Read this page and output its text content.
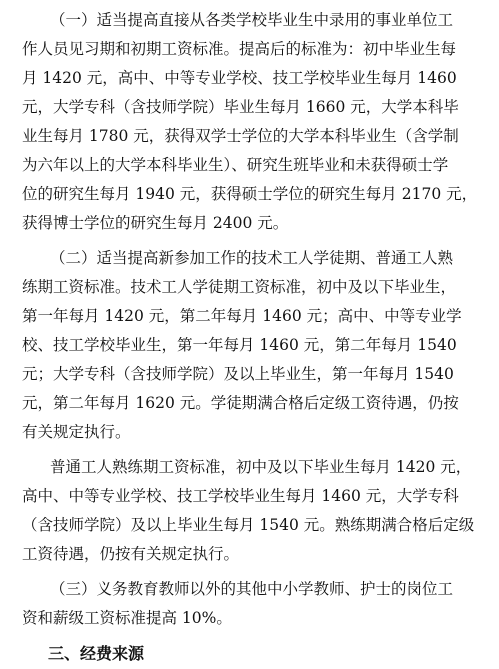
（一）适当提高直接从各类学校毕业生中录用的事业单位工
作人员见习期和初期工资标准。提高后的标准为：初中毕业生每
月 1420 元，高中、中等专业学校、技工学校毕业生每月 1460
元，大学专科（含技师学院）毕业生每月 1660 元，大学本科毕
业生每月 1780 元，获得双学士学位的大学本科毕业生（含学制
为六年以上的大学本科毕业生）、研究生班毕业和未获得硕士学
位的研究生每月 1940 元，获得硕士学位的研究生每月 2170 元，
获得博士学位的研究生每月 2400 元。
（二）适当提高新参加工作的技术工人学徒期、普通工人熟
练期工资标准。技术工人学徒期工资标准，初中及以下毕业生，
第一年每月 1420 元，第二年每月 1460 元；高中、中等专业学
校、技工学校毕业生，第一年每月 1460 元，第二年每月 1540
元；大学专科（含技师学院）及以上毕业生，第一年每月 1540
元，第二年每月 1620 元。学徒期满合格后定级工资待遇，仍按
有关规定执行。
普通工人熟练期工资标准，初中及以下毕业生每月 1420 元，
高中、中等专业学校、技工学校毕业生每月 1460 元，大学专科
（含技师学院）及以上毕业生每月 1540 元。熟练期满合格后定级
工资待遇，仍按有关规定执行。
（三）义务教育教师以外的其他中小学教师、护士的岗位工
资和薪级工资标准提高 10%。
三、经费来源
